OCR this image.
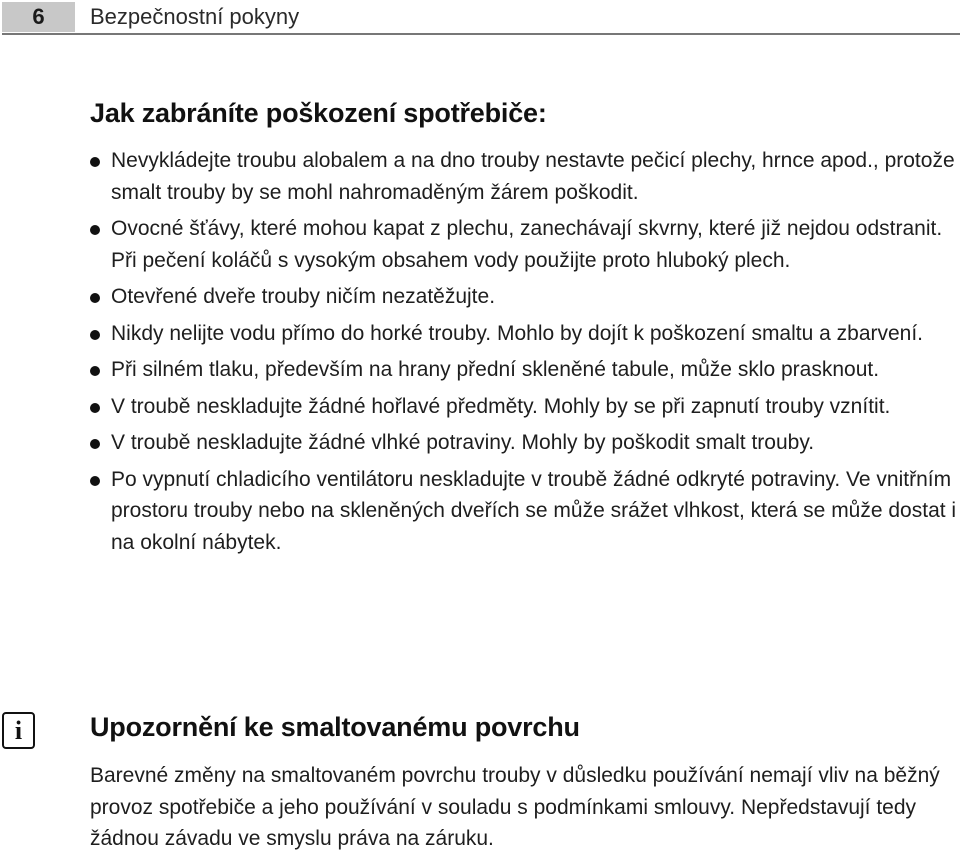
6	Bezpečnostní pokyny
Jak zabráníte poškození spotřebiče:
Nevykládejte troubu alobalem a na dno trouby nestavte pečicí plechy, hrnce apod., protože smalt trouby by se mohl nahromaděným žárem poškodit.
Ovocné šťávy, které mohou kapat z plechu, zanechávají skvrny, které již nejdou odstranit. Při pečení koláčů s vysokým obsahem vody použijte proto hluboký plech.
Otevřené dveře trouby ničím nezatěžujte.
Nikdy nelijte vodu přímo do horké trouby. Mohlo by dojít k poškození smaltu a zbarvení.
Při silném tlaku, především na hrany přední skleněné tabule, může sklo prasknout.
V troubě neskladujte žádné hořlavé předměty. Mohly by se při zapnutí trouby vznítit.
V troubě neskladujte žádné vlhké potraviny. Mohly by poškodit smalt trouby.
Po vypnutí chladicího ventilátoru neskladujte v troubě žádné odkryté potraviny. Ve vnitřním prostoru trouby nebo na skleněných dveřích se může srážet vlhkost, která se může dostat i na okolní nábytek.
i	Upozornění ke smaltovanému povrchu

Barevné změny na smaltovaném povrchu trouby v důsledku používání nemají vliv na běžný provoz spotřebiče a jeho používání v souladu s podmínkami smlouvy. Nepředstavují tedy žádnou závadu ve smyslu práva na záruku.
